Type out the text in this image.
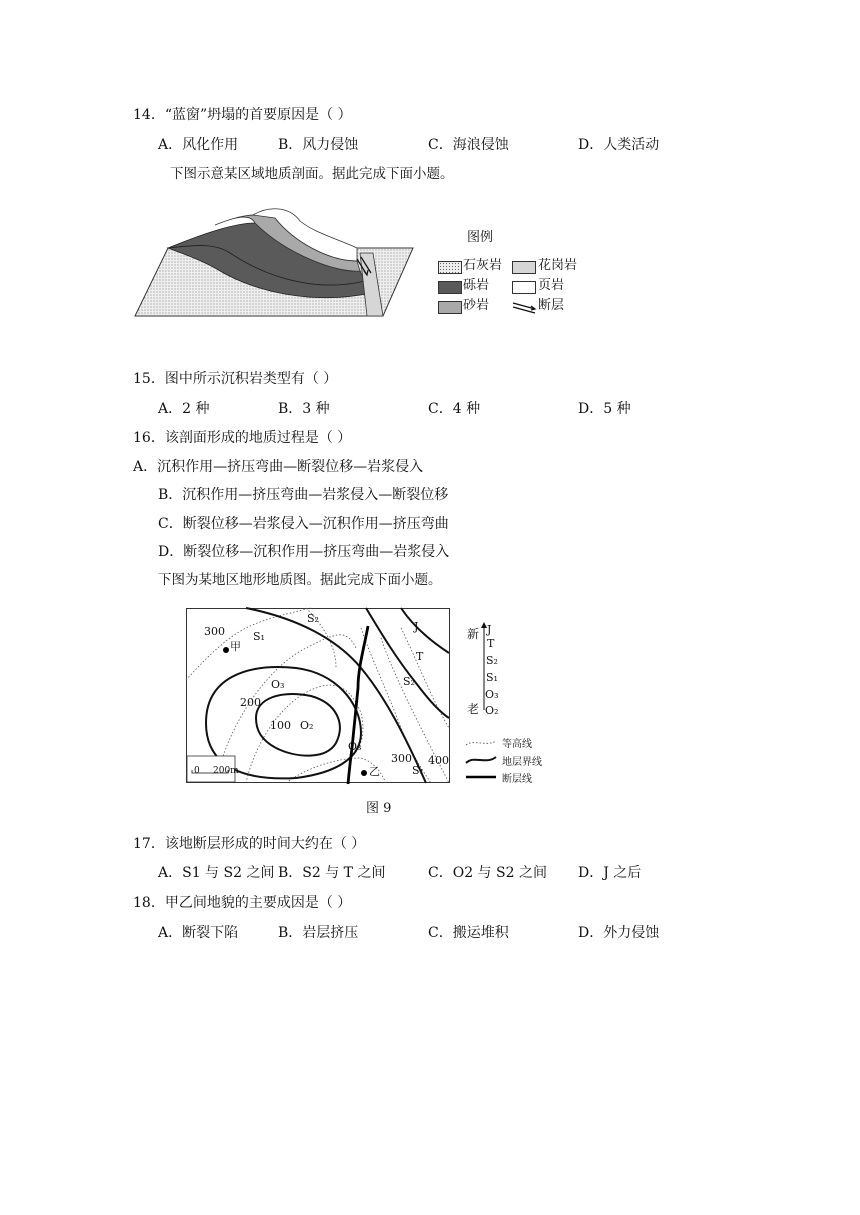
14．“蓝窗”坍塌的首要原因是（ ）
A．风化作用	B．风力侵蚀	C．海浪侵蚀	D．人类活动
下图示意某区域地质剖面。据此完成下面小题。
图例
石灰岩	花岗岩
砾岩	页岩
砂岩	断层
15．图中所示沉积岩类型有（ ）
A．2 种	B．3 种	C．4 种	D．5 种
16．该剖面形成的地质过程是（ ）
A．沉积作用—挤压弯曲—断裂位移—岩浆侵入
B．沉积作用—挤压弯曲—岩浆侵入—断裂位移
C．断裂位移—岩浆侵入—沉积作用—挤压弯曲
D．断裂位移—沉积作用—挤压弯曲—岩浆侵入
下图为某地区地形地质图。据此完成下面小题。
300
200
100
300 400
S₁
S₂
J
T
S₂
O₃
O₂
O₃
S₁
甲
乙
0 200m
新
老
J
T
S₂
S₁
O₃
O₂
等高线
地层界线
断层线
图 9
17．该地断层形成的时间大约在（ ）
A．S1 与 S2 之间 B．S2 与 T 之间	C．O2 与 S2 之间 D．J 之后
18．甲乙间地貌的主要成因是（ ）
A．断裂下陷	B．岩层挤压	C．搬运堆积	D．外力侵蚀
